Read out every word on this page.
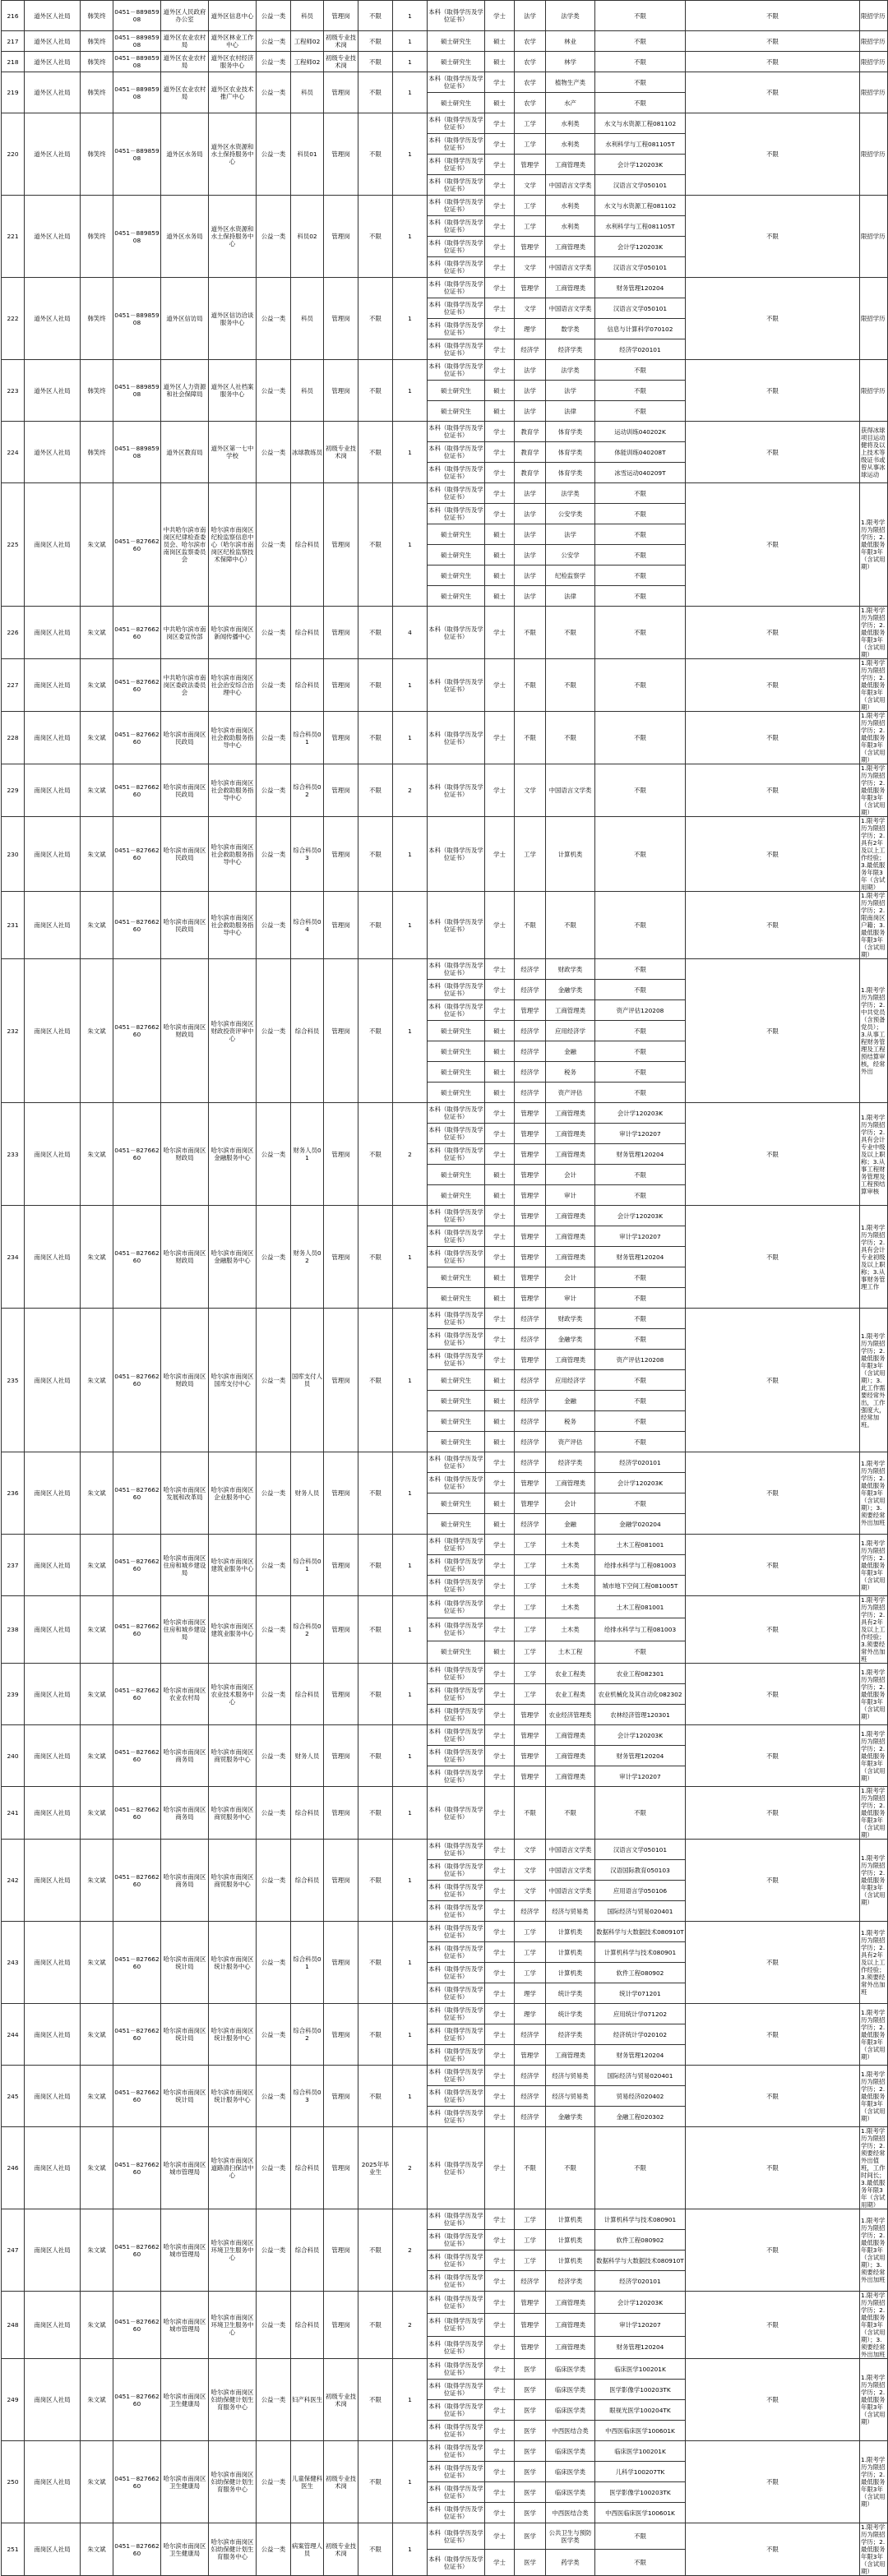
216	道外区人社局	韩笑终	0451－88985908	道外区人民政府办公室	道外区信息中心	公益一类	科员	管理岗	不限	1	本科（取得学历及学位证书）	学士	法学	法学类	不限	不限	限招学历	
217	道外区人社局	韩笑终	0451－88985908	道外区农业农村局	道外区林业工作中心	公益一类	工程师02	初级专业技术岗	不限	1	硕士研究生	硕士	农学	林业	不限	不限	限招学历	
218	道外区人社局	韩笑终	0451－88985908	道外区农业农村局	道外区农村经济服务中心	公益一类	工程师02	初级专业技术岗	不限	1	硕士研究生	硕士	农学	林学	不限	不限	限招学历	
219	道外区人社局	韩笑终	0451－88985908	道外区农业农村局	道外区农业技术推广中心	公益一类	科员	管理岗	不限	1	本科（取得学历及学位证书）	学士	农学	植物生产类	不限	不限	限招学历	
											硕士研究生	硕士	农学	水产	不限			
220	道外区人社局	韩笑终	0451－88985908	道外区水务局	道外区水资源和水土保持服务中心	公益一类	科员01	管理岗	不限	1	本科（取得学历及学位证书）	学士	工学	水利类	水文与水资源工程081102	不限	限招学历	
											本科（取得学历及学位证书）	学士	工学	水利类	水利科学与工程081105T			
											本科（取得学历及学位证书）	学士	管理学	工商管理类	会计学120203K			
											本科（取得学历及学位证书）	学士	文学	中国语言文学类	汉语言文学050101			
221	道外区人社局	韩笑终	0451－88985908	道外区水务局	道外区水资源和水土保持服务中心	公益一类	科员02	管理岗	不限	1	本科（取得学历及学位证书）	学士	工学	水利类	水文与水资源工程081102	不限	限招学历	
											本科（取得学历及学位证书）	学士	工学	水利类	水利科学与工程081105T			
											本科（取得学历及学位证书）	学士	管理学	工商管理类	会计学120203K			
											本科（取得学历及学位证书）	学士	文学	中国语言文学类	汉语言文学050101			
222	道外区人社局	韩笑终	0451－88985908	道外区信访局	道外区信访洽谈服务中心	公益一类	科员	管理岗	不限	1	本科（取得学历及学位证书）	学士	管理学	工商管理类	财务管理120204	不限	限招学历	
											本科（取得学历及学位证书）	学士	文学	中国语言文学类	汉语言文学050101			
											本科（取得学历及学位证书）	学士	理学	数学类	信息与计算科学070102			
											本科（取得学历及学位证书）	学士	经济学	经济学类	经济学020101			
223	道外区人社局	韩笑终	0451－88985908	道外区人力资源和社会保障局	道外区人社档案服务中心	公益一类	科员	管理岗	不限	1	本科（取得学历及学位证书）	学士	法学	法学类	不限	不限	限招学历	
											硕士研究生	硕士	法学	法学	不限			
											硕士研究生	硕士	法学	法律	不限			
224	道外区人社局	韩笑终	0451－88985908	道外区教育局	道外区第一七中学校	公益一类	冰球教练员	初级专业技术岗	不限	1	本科（取得学历及学位证书）	学士	教育学	体育学类	运动训练040202K	不限	获得冰球项目运动健将及以上技术等级证书或曾从事冰球运动	
											本科（取得学历及学位证书）	学士	教育学	体育学类	体能训练040208T			
											本科（取得学历及学位证书）	学士	教育学	体育学类	冰雪运动040209T			
225	南岗区人社局	朱文斌	0451－82766260	中共哈尔滨市南岗区纪律检查委员会、哈尔滨市南岗区监察委员会	哈尔滨市南岗区纪检监察信息中心（哈尔滨市南岗区纪检监察技术保障中心）	公益一类	综合科员	管理岗	不限	1	本科（取得学历及学位证书）	学士	法学	法学类	不限	不限	1.限考学历为限招学历；2.最低服务年限3年（含试用期）	
											本科（取得学历及学位证书）	学士	法学	公安学类	不限			
											硕士研究生	硕士	法学	法学	不限			
											硕士研究生	硕士	法学	公安学	不限			
											硕士研究生	硕士	法学	纪检监察学	不限			
											硕士研究生	硕士	法学	法律	不限			
226	南岗区人社局	朱文斌	0451－82766260	中共哈尔滨市南岗区委宣传部	哈尔滨市南岗区新闻传播中心	公益一类	综合科员	管理岗	不限	4	本科（取得学历及学位证书）	学士	不限	不限	不限	不限	1.限考学历为限招学历；2.最低服务年限3年（含试用期）	
227	南岗区人社局	朱文斌	0451－82766260	中共哈尔滨市南岗区委政法委员会	哈尔滨市南岗区社会治安综合治理中心	公益一类	综合科员	管理岗	不限	1	本科（取得学历及学位证书）	学士	不限	不限	不限	不限	1.限考学历为限招学历；2.最低服务年限3年（含试用期）	
228	南岗区人社局	朱文斌	0451－82766260	哈尔滨市南岗区民政局	哈尔滨市南岗区社会救助服务指导中心	公益一类	综合科员01	管理岗	不限	1	本科（取得学历及学位证书）	学士	不限	不限	不限	不限	1.限考学历为限招学历；2.最低服务年限3年（含试用期）	
229	南岗区人社局	朱文斌	0451－82766260	哈尔滨市南岗区民政局	哈尔滨市南岗区社会救助服务指导中心	公益一类	综合科员02	管理岗	不限	2	本科（取得学历及学位证书）	学士	文学	中国语言文学类	不限	不限	1.限考学历为限招学历；2.最低服务年限3年（含试用期）	
230	南岗区人社局	朱文斌	0451－82766260	哈尔滨市南岗区民政局	哈尔滨市南岗区社会救助服务指导中心	公益一类	综合科员03	管理岗	不限	1	本科（取得学历及学位证书）	学士	工学	计算机类	不限	不限	1.限考学历为限招学历；2.具有2年及以上工作经验；3.最低服务年限3年（含试用期）	
231	南岗区人社局	朱文斌	0451－82766260	哈尔滨市南岗区民政局	哈尔滨市南岗区社会救助服务指导中心	公益一类	综合科员04	管理岗	不限	1	本科（取得学历及学位证书）	学士	不限	不限	不限	不限	1.限考学历为限招学历；2.限南岗区户籍；3.最低服务年限3年（含试用期）	
232	南岗区人社局	朱文斌	0451－82766260	哈尔滨市南岗区财政局	哈尔滨市南岗区财政投资评审中心	公益一类	综合科员	管理岗	不限	1	本科（取得学历及学位证书）	学士	经济学	财政学类	不限	不限	1.限考学历为限招学历；2.中共党员（含预备党员）；3.从事工程财务管理及工程预结算审核，经常外出	
											本科（取得学历及学位证书）	学士	经济学	金融学类	不限			
											本科（取得学历及学位证书）	学士	管理学	工商管理类	资产评估120208			
											硕士研究生	硕士	经济学	应用经济学	不限			
											硕士研究生	硕士	经济学	金融	不限			
											硕士研究生	硕士	经济学	税务	不限			
											硕士研究生	硕士	经济学	资产评估	不限			
233	南岗区人社局	朱文斌	0451－82766260	哈尔滨市南岗区财政局	哈尔滨市南岗区金融服务中心	公益一类	财务人员01	管理岗	不限	2	本科（取得学历及学位证书）	学士	管理学	工商管理类	会计学120203K	不限	1.限考学历为限招学历；2.具有会计专业中级及以上职称；3.从事工程财务管理及工程预结算审核	
											本科（取得学历及学位证书）	学士	管理学	工商管理类	审计学120207			
											本科（取得学历及学位证书）	学士	管理学	工商管理类	财务管理120204			
											硕士研究生	硕士	管理学	会计	不限			
											硕士研究生	硕士	管理学	审计	不限			
234	南岗区人社局	朱文斌	0451－82766260	哈尔滨市南岗区财政局	哈尔滨市南岗区金融服务中心	公益一类	财务人员02	管理岗	不限	1	本科（取得学历及学位证书）	学士	管理学	工商管理类	会计学120203K	不限	1.限考学历为限招学历；2.具有会计专业初级及以上职称；3.从事财务管理工作	
											本科（取得学历及学位证书）	学士	管理学	工商管理类	审计学120207			
											本科（取得学历及学位证书）	学士	管理学	工商管理类	财务管理120204			
											硕士研究生	硕士	管理学	会计	不限			
											硕士研究生	硕士	管理学	审计	不限			
235	南岗区人社局	朱文斌	0451－82766260	哈尔滨市南岗区财政局	哈尔滨市南岗区国库支付中心	公益一类	国库支付人员	管理岗	不限	1	本科（取得学历及学位证书）	学士	经济学	财政学类	不限	不限	1.限考学历为限招学历；2.最低服务年限3年（含试用期）；3.此工作需要经常外出，工作强度大，经常加班。	
											本科（取得学历及学位证书）	学士	经济学	金融学类	不限			
											本科（取得学历及学位证书）	学士	管理学	工商管理类	资产评估120208			
											硕士研究生	硕士	经济学	应用经济学	不限			
											硕士研究生	硕士	经济学	金融	不限			
											硕士研究生	硕士	经济学	税务	不限			
											硕士研究生	硕士	经济学	资产评估	不限			
236	南岗区人社局	朱文斌	0451－82766260	哈尔滨市南岗区发展和改革局	哈尔滨市南岗区企业服务中心	公益一类	财务人员	管理岗	不限	1	本科（取得学历及学位证书）	学士	经济学	经济学类	经济学020101	不限	1.限考学历为限招学历；2.最低服务年限3年（含试用期）；3.须要经常外出加班	
											本科（取得学历及学位证书）	学士	管理学	工商管理类	会计学120203K			
											硕士研究生	硕士	管理学	会计	不限			
											硕士研究生	硕士	经济学	金融	金融学020204			
237	南岗区人社局	朱文斌	0451－82766260	哈尔滨市南岗区住房和城乡建设局	哈尔滨市南岗区建筑业服务中心	公益一类	综合科员01	管理岗	不限	1	本科（取得学历及学位证书）	学士	工学	土木类	土木工程081001	不限	1.限考学历为限招学历；2.最低服务年限3年（含试用期）	
											本科（取得学历及学位证书）	学士	工学	土木类	给排水科学与工程081003			
											本科（取得学历及学位证书）	学士	工学	土木类	城市地下空间工程081005T			
238	南岗区人社局	朱文斌	0451－82766260	哈尔滨市南岗区住房和城乡建设局	哈尔滨市南岗区建筑业服务中心	公益一类	综合科员02	管理岗	不限	1	本科（取得学历及学位证书）	学士	工学	土木类	土木工程081001	不限	1.限考学历为限招学历；2.具有2年及以上工作经验；3.须要经常外出加班	
											本科（取得学历及学位证书）	学士	工学	土木类	给排水科学与工程081003			
											硕士研究生	硕士	工学	土木工程	不限			
239	南岗区人社局	朱文斌	0451－82766260	哈尔滨市南岗区农业农村局	哈尔滨市南岗区农业技术服务中心	公益一类	综合科员	管理岗	不限	1	本科（取得学历及学位证书）	学士	工学	农业工程类	农业工程082301	不限	1.限考学历为限招学历；2.最低服务年限3年（含试用期）	
											本科（取得学历及学位证书）	学士	工学	农业工程类	农业机械化及其自动化082302			
											本科（取得学历及学位证书）	学士	管理学	农业经济管理类	农林经济管理120301			
240	南岗区人社局	朱文斌	0451－82766260	哈尔滨市南岗区商务局	哈尔滨市南岗区商贸服务中心	公益一类	财务人员	管理岗	不限	1	本科（取得学历及学位证书）	学士	管理学	工商管理类	会计学120203K	不限	1.限考学历为限招学历；2.最低服务年限3年（含试用期）	
											本科（取得学历及学位证书）	学士	管理学	工商管理类	财务管理120204			
											本科（取得学历及学位证书）	学士	管理学	工商管理类	审计学120207			
241	南岗区人社局	朱文斌	0451－82766260	哈尔滨市南岗区商务局	哈尔滨市南岗区商贸服务中心	公益一类	综合科员	管理岗	不限	1	本科（取得学历及学位证书）	学士	不限	不限	不限	不限	1.限考学历为限招学历；2.最低服务年限3年（含试用期）	
242	南岗区人社局	朱文斌	0451－82766260	哈尔滨市南岗区商务局	哈尔滨市南岗区商贸服务中心	公益一类	综合科员	管理岗	不限	1	本科（取得学历及学位证书）	学士	文学	中国语言文学类	汉语言文学050101	不限	1.限考学历为限招学历；2.最低服务年限3年（含试用期）	
											本科（取得学历及学位证书）	学士	文学	中国语言文学类	汉语国际教育050103			
											本科（取得学历及学位证书）	学士	文学	中国语言文学类	应用语言学050106			
											本科（取得学历及学位证书）	学士	经济学	经济与贸易类	国际经济与贸易020401			
243	南岗区人社局	朱文斌	0451－82766260	哈尔滨市南岗区统计局	哈尔滨市南岗区统计服务中心	公益一类	综合科员01	管理岗	不限	1	本科（取得学历及学位证书）	学士	工学	计算机类	数据科学与大数据技术080910T	不限	1.限考学历为限招学历；2.具有2年及以上工作经验；3.须要经常外出加班	
											本科（取得学历及学位证书）	学士	工学	计算机类	计算机科学与技术080901			
											本科（取得学历及学位证书）	学士	工学	计算机类	软件工程080902			
											本科（取得学历及学位证书）	学士	理学	统计学类	统计学071201			
244	南岗区人社局	朱文斌	0451－82766260	哈尔滨市南岗区统计局	哈尔滨市南岗区统计服务中心	公益一类	综合科员02	管理岗	不限	1	本科（取得学历及学位证书）	学士	理学	统计学类	应用统计学071202	不限	1.限考学历为限招学历；2.最低服务年限3年（含试用期）	
											本科（取得学历及学位证书）	学士	经济学	经济学类	经济统计学020102			
											本科（取得学历及学位证书）	学士	管理学	工商管理类	财务管理120204			
245	南岗区人社局	朱文斌	0451－82766260	哈尔滨市南岗区统计局	哈尔滨市南岗区统计服务中心	公益一类	综合科员03	管理岗	不限	1	本科（取得学历及学位证书）	学士	经济学	经济与贸易类	国际经济与贸易020401	不限	1.限考学历为限招学历；2.最低服务年限3年（含试用期）	
											本科（取得学历及学位证书）	学士	经济学	经济与贸易类	贸易经济020402			
											本科（取得学历及学位证书）	学士	经济学	金融学类	金融工程020302			
246	南岗区人社局	朱文斌	0451－82766260	哈尔滨市南岗区城市管理局	哈尔滨市南岗区道路清扫保洁中心	公益一类	综合科员	管理岗	2025年毕业生	2	本科（取得学历及学位证书）	学士	不限	不限	不限	不限	1.限考学历为限招学历；2.须要经常外出值班，工作时间长；3.最低服务年限3年（含试用期）	
247	南岗区人社局	朱文斌	0451－82766260	哈尔滨市南岗区城市管理局	哈尔滨市南岗区环境卫生服务中心	公益一类	综合科员	管理岗	不限	2	本科（取得学历及学位证书）	学士	工学	计算机类	计算机科学与技术080901	不限	1.限考学历为限招学历；2.最低服务年限3年（含试用期）；3.须要经常外出加班	
											本科（取得学历及学位证书）	学士	工学	计算机类	软件工程080902			
											本科（取得学历及学位证书）	学士	工学	计算机类	数据科学与大数据技术080910T			
											本科（取得学历及学位证书）	学士	经济学	经济学类	经济学020101			
248	南岗区人社局	朱文斌	0451－82766260	哈尔滨市南岗区城市管理局	哈尔滨市南岗区环境卫生服务中心	公益一类	综合科员	管理岗	不限	2	本科（取得学历及学位证书）	学士	管理学	工商管理类	会计学120203K	不限	1.限考学历为限招学历；2.最低服务年限3年（含试用期）；3.须要经常外出加班	
											本科（取得学历及学位证书）	学士	管理学	工商管理类	审计学120207			
											本科（取得学历及学位证书）	学士	管理学	工商管理类	财务管理120204			
249	南岗区人社局	朱文斌	0451－82766260	哈尔滨市南岗区卫生健康局	哈尔滨市南岗区妇幼保健计划生育服务中心	公益一类	妇产科医生	初级专业技术岗	不限	1	本科（取得学历及学位证书）	学士	医学	临床医学类	临床医学100201K	不限	1.限考学历为限招学历；2.最低服务年限3年（含试用期）	
											本科（取得学历及学位证书）	学士	医学	临床医学类	医学影像学100203TK			
											本科（取得学历及学位证书）	学士	医学	临床医学类	眼视光医学100204TK			
											本科（取得学历及学位证书）	学士	医学	中西医结合类	中西医临床医学100601K			
250	南岗区人社局	朱文斌	0451－82766260	哈尔滨市南岗区卫生健康局	哈尔滨市南岗区妇幼保健计划生育服务中心	公益一类	儿童保健科医生	初级专业技术岗	不限	1	本科（取得学历及学位证书）	学士	医学	临床医学类	临床医学100201K	不限	1.限考学历为限招学历；2.最低服务年限3年（含试用期）	
											本科（取得学历及学位证书）	学士	医学	临床医学类	儿科学100207TK			
											本科（取得学历及学位证书）	学士	医学	临床医学类	医学影像学100203TK			
											本科（取得学历及学位证书）	学士	医学	中西医结合类	中西医临床医学100601K			
251	南岗区人社局	朱文斌	0451－82766260	哈尔滨市南岗区卫生健康局	哈尔滨市南岗区妇幼保健计划生育服务中心	公益一类	病案管理人员	初级专业技术岗	不限	1	本科（取得学历及学位证书）	学士	医学	公共卫生与预防医学类	不限	不限	1.限考学历为限招学历；2.最低服务年限3年（含试用期）	
											本科（取得学历及学位证书）	学士	医学	药学类	不限			
